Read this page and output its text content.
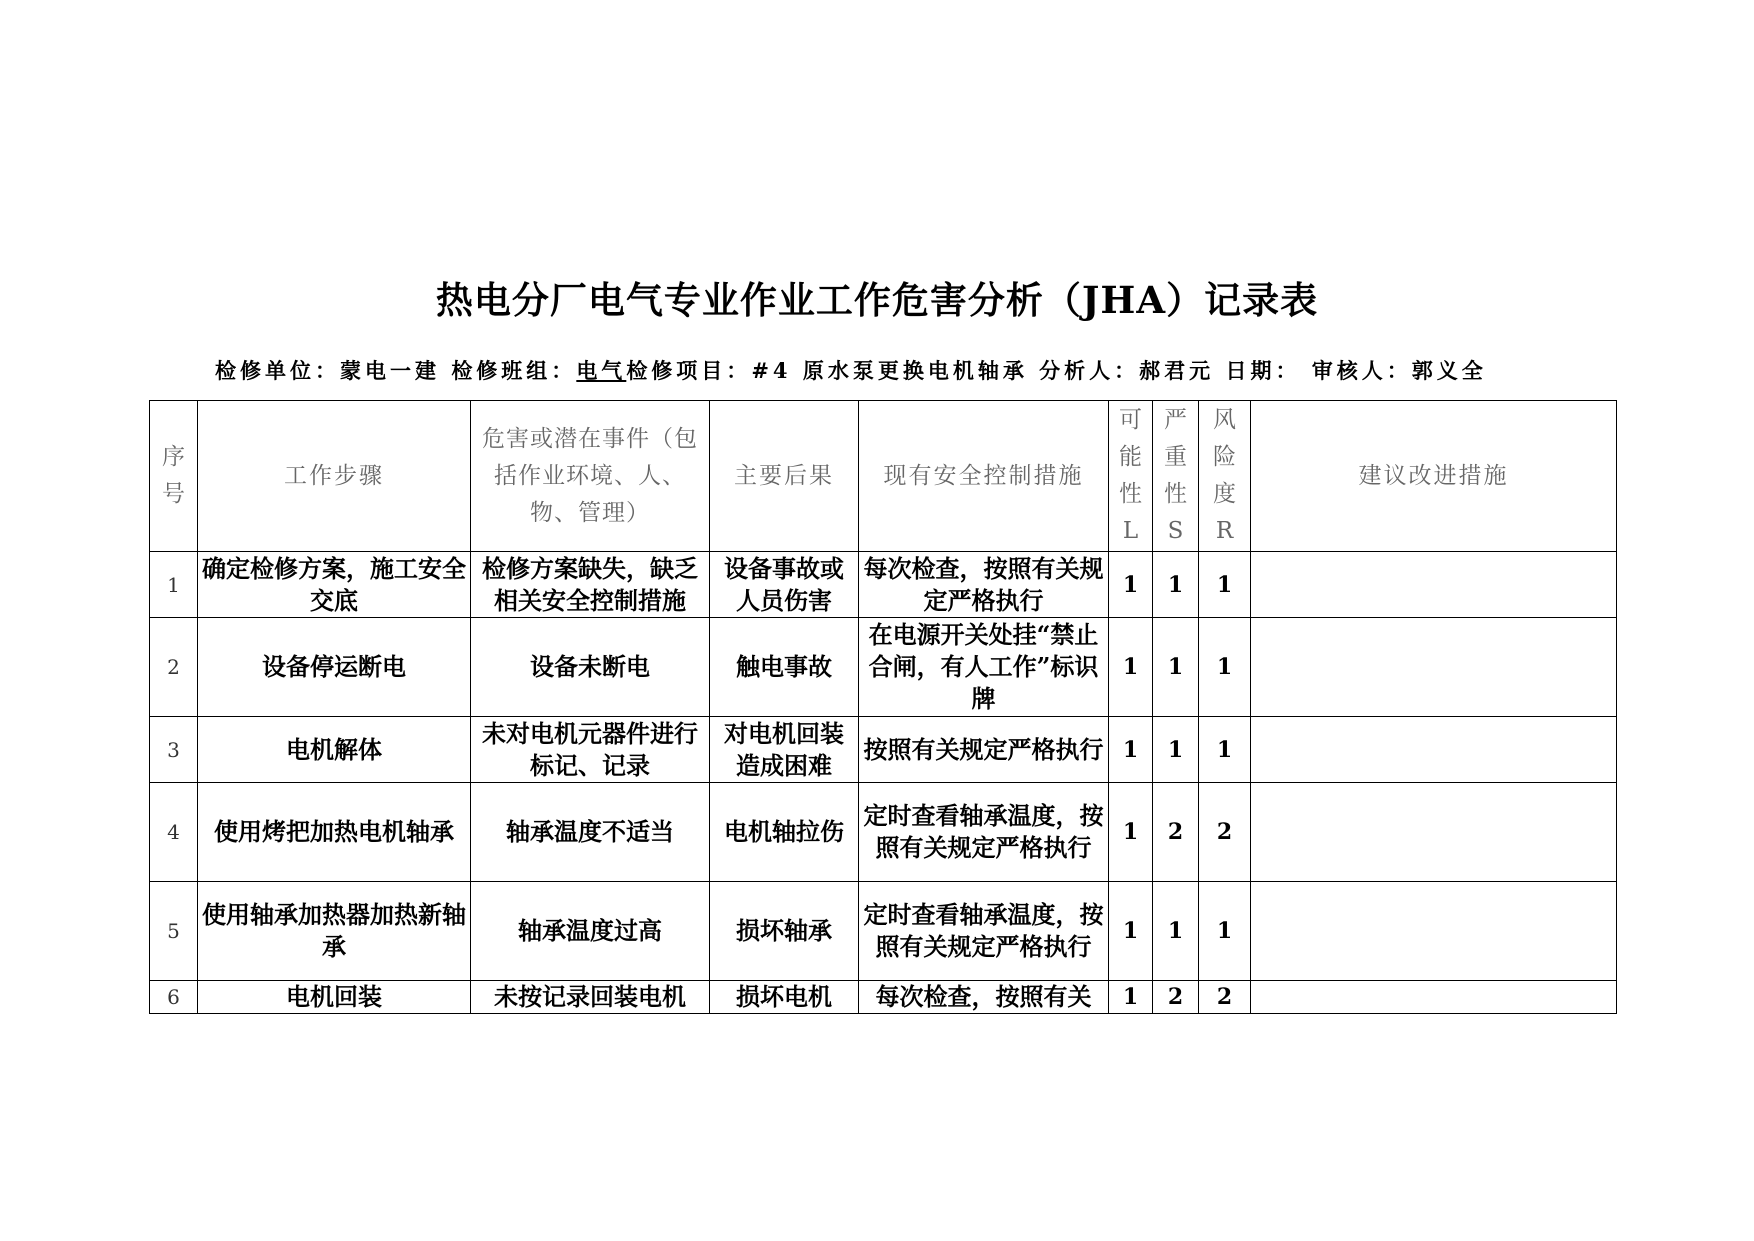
热电分厂电气专业作业工作危害分析（JHA）记录表
检修单位：蒙电一建 检修班组：电气检修项目：#4 原水泵更换电机轴承 分析人：郝君元 日期： 审核人：郭义全
序号	工作步骤	危害或潜在事件（包括作业环境、人、物、管理）	主要后果	现有安全控制措施	可能性L	严重性S	风险度R	建议改进措施
1	确定检修方案，施工安全交底	检修方案缺失，缺乏相关安全控制措施	设备事故或人员伤害	每次检查，按照有关规定严格执行	1	1	1	
2	设备停运断电	设备未断电	触电事故	在电源开关处挂“禁止合闸，有人工作”标识牌	1	1	1	
3	电机解体	未对电机元器件进行标记、记录	对电机回装造成困难	按照有关规定严格执行	1	1	1	
4	使用烤把加热电机轴承	轴承温度不适当	电机轴拉伤	定时查看轴承温度，按照有关规定严格执行	1	2	2	
5	使用轴承加热器加热新轴承	轴承温度过高	损坏轴承	定时查看轴承温度，按照有关规定严格执行	1	1	1	
6	电机回装	未按记录回装电机	损坏电机	每次检查，按照有关	1	2	2	
